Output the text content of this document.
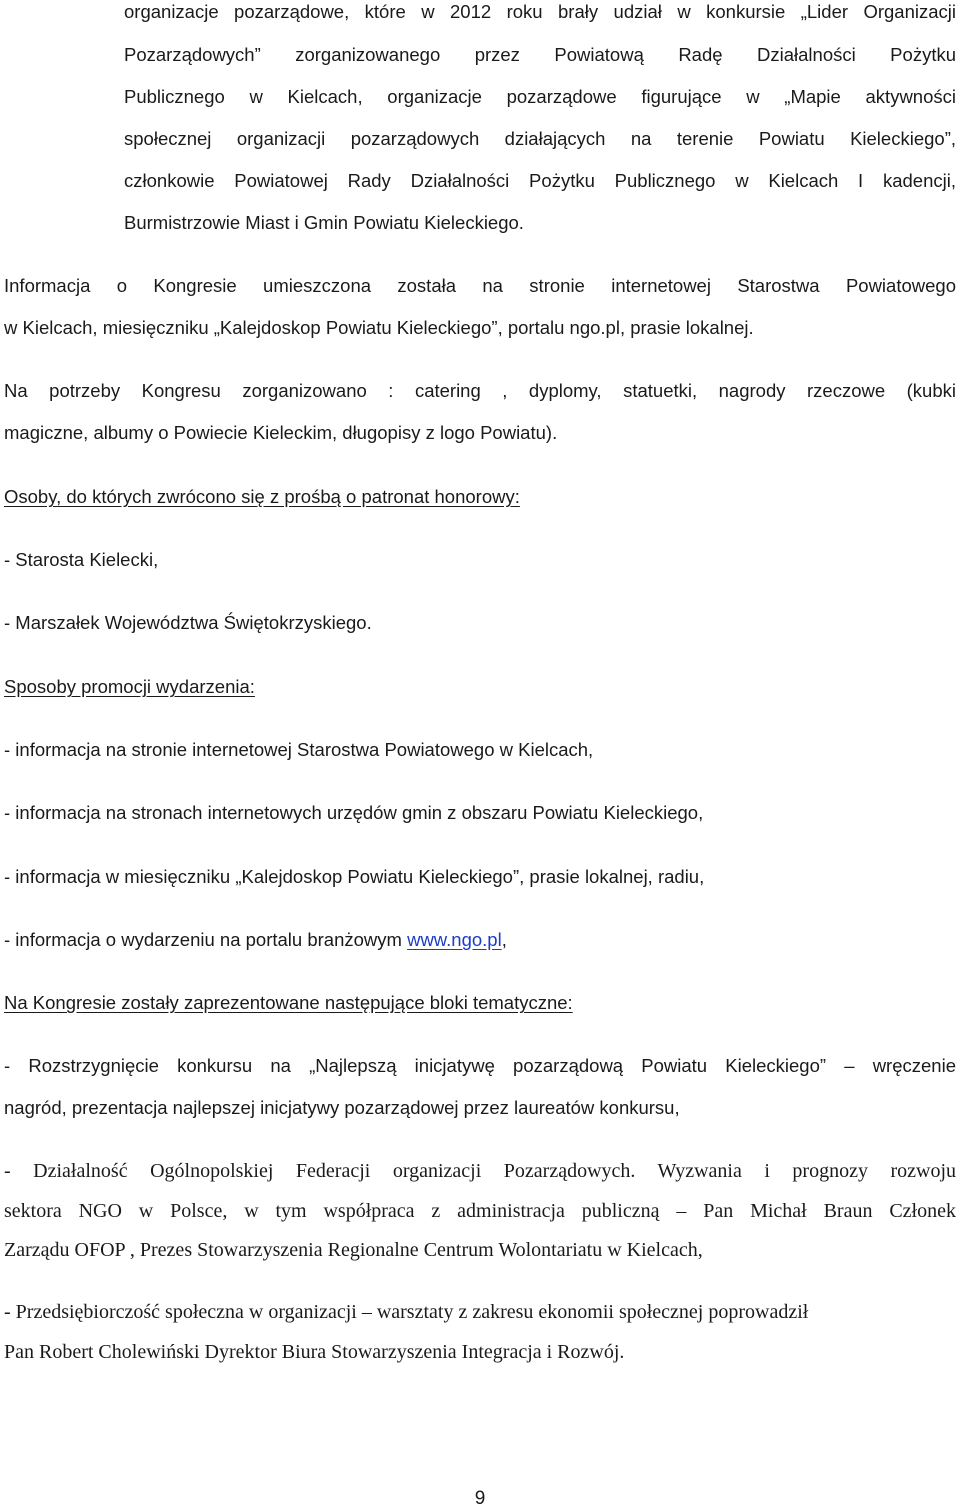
organizacje pozarządowe, które w 2012 roku brały udział w konkursie „Lider Organizacji
Pozarządowych” zorganizowanego przez Powiatową Radę Działalności Pożytku
Publicznego w Kielcach, organizacje pozarządowe figurujące w „Mapie aktywności
społecznej organizacji pozarządowych działających na terenie Powiatu Kieleckiego”,
członkowie Powiatowej Rady Działalności Pożytku Publicznego w Kielcach I kadencji,
Burmistrzowie Miast i Gmin Powiatu Kieleckiego.
Informacja o Kongresie umieszczona została na stronie internetowej Starostwa Powiatowego
w Kielcach, miesięczniku „Kalejdoskop Powiatu Kieleckiego”, portalu ngo.pl, prasie lokalnej.
Na potrzeby Kongresu zorganizowano : catering , dyplomy, statuetki, nagrody rzeczowe (kubki
magiczne, albumy o Powiecie Kieleckim, długopisy z logo Powiatu).
Osoby, do których zwrócono się z prośbą o patronat honorowy:
- Starosta Kielecki,
- Marszałek Województwa Świętokrzyskiego.
Sposoby promocji wydarzenia:
- informacja na stronie internetowej Starostwa Powiatowego w Kielcach,
- informacja na stronach internetowych urzędów gmin z obszaru Powiatu Kieleckiego,
- informacja w miesięczniku „Kalejdoskop Powiatu Kieleckiego”, prasie lokalnej, radiu,
- informacja o wydarzeniu na portalu branżowym www.ngo.pl,
Na Kongresie zostały zaprezentowane następujące bloki tematyczne:
- Rozstrzygnięcie konkursu na „Najlepszą inicjatywę pozarządową Powiatu Kieleckiego” – wręczenie
nagród, prezentacja najlepszej inicjatywy pozarządowej przez laureatów konkursu,
- Działalność Ogólnopolskiej Federacji organizacji Pozarządowych. Wyzwania i prognozy rozwoju
sektora NGO w Polsce, w tym współpraca z administracja publiczną – Pan Michał Braun Członek
Zarządu OFOP , Prezes Stowarzyszenia Regionalne Centrum Wolontariatu w Kielcach,
- Przedsiębiorczość społeczna w organizacji – warsztaty z zakresu ekonomii społecznej poprowadził
Pan Robert Cholewiński Dyrektor Biura Stowarzyszenia Integracja i Rozwój.
9
